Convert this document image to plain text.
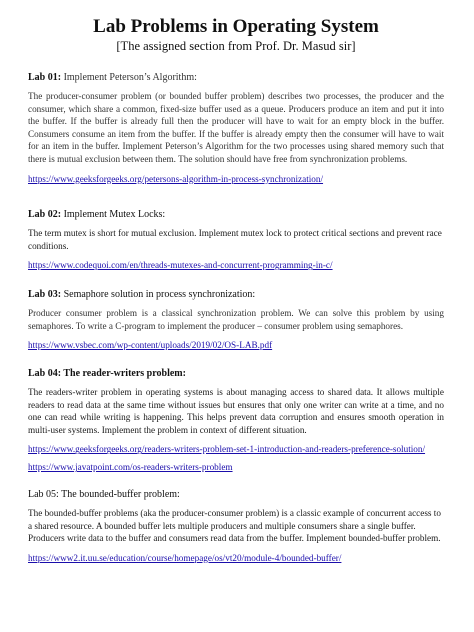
Lab Problems in Operating System

[The assigned section from Prof. Dr. Masud sir]

Lab 01: Implement Peterson’s Algorithm:

The producer-consumer problem (or bounded buffer problem) describes two processes, the producer and the consumer, which share a common, fixed-size buffer used as a queue. Producers produce an item and put it into the buffer. If the buffer is already full then the producer will have to wait for an empty block in the buffer. Consumers consume an item from the buffer. If the buffer is already empty then the consumer will have to wait for an item in the buffer. Implement Peterson’s Algorithm for the two processes using shared memory such that there is mutual exclusion between them. The solution should have free from synchronization problems.

https://www.geeksforgeeks.org/petersons-algorithm-in-process-synchronization/

Lab 02: Implement Mutex Locks:

The term mutex is short for mutual exclusion. Implement mutex lock to protect critical sections and prevent race conditions.

https://www.codequoi.com/en/threads-mutexes-and-concurrent-programming-in-c/

Lab 03: Semaphore solution in process synchronization:

Producer consumer problem is a classical synchronization problem. We can solve this problem by using semaphores. To write a C-program to implement the producer – consumer problem using semaphores.

https://www.vsbec.com/wp-content/uploads/2019/02/OS-LAB.pdf

Lab 04: The reader-writers problem:

The readers-writer problem in operating systems is about managing access to shared data. It allows multiple readers to read data at the same time without issues but ensures that only one writer can write at a time, and no one can read while writing is happening. This helps prevent data corruption and ensures smooth operation in multi-user systems. Implement the problem in context of different situation.

https://www.geeksforgeeks.org/readers-writers-problem-set-1-introduction-and-readers-preference-solution/
https://www.javatpoint.com/os-readers-writers-problem

Lab 05: The bounded-buffer problem:

The bounded-buffer problems (aka the producer-consumer problem) is a classic example of concurrent access to a shared resource. A bounded buffer lets multiple producers and multiple consumers share a single buffer. Producers write data to the buffer and consumers read data from the buffer. Implement bounded-buffer problem.

https://www2.it.uu.se/education/course/homepage/os/vt20/module-4/bounded-buffer/
